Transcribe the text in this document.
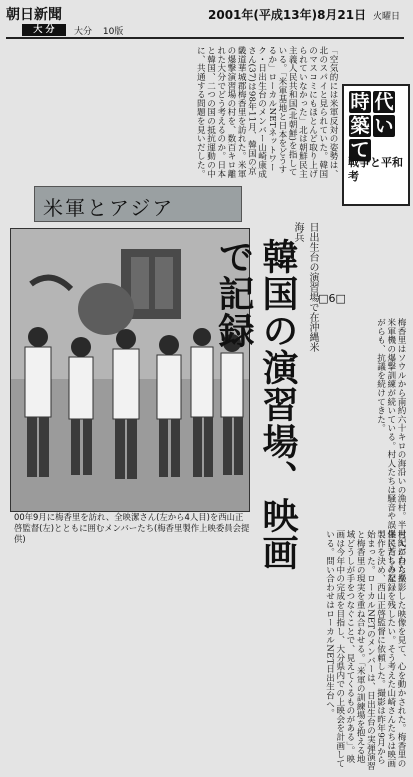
朝日新聞
大 分	大分 10版
2001年(平成13年)8月21日 火曜日
「空気的には米軍反対の姿勢は、北のスパイと見られていた。韓国のマスコミにもほとんど取り上げられていなかった」北は朝鮮民主主義人民共和国(北朝鮮)を指している。「米軍基地と日本をどうするか」ローカルNETネットワーク・日出生台のメンバー山崎康成さん(37)は98年11月、韓国の京畿道華城郡梅香里を訪れた。米軍の爆撃演習場の村を、数百キロ離れた大分でどう考えるのか。日本と韓国、二つの国の抵抗運動の中に、共通する問題を見いだした。	時 代築 いて
戦争と平和考
米軍とアジア
00年9月に梅香里を訪れ、全映潔さん(左から4人目)を西山正啓監督(左)とともに囲むメンバーたち(梅香里製作上映委員会提供)
日出生台の演習場で在沖縄米海兵
韓国の演習場、映画で記録	□6□
梅香里はソウルから南約六十キロの海沿いの漁村。半世紀にわたり米軍機の爆撃訓練が続いている。村人たちは騒音や誤爆に苦しみながらも、抗議を続けてきた。
村人が自ら撮影した映像を見て、心を動かされた。梅香里の住民たちの記録を残したい。そう考えた山崎さんたちは映画製作を決め、西山正啓監督に依頼した。撮影は昨年9月から始まった。ローカルNETのメンバーは、日出生台の実弾演習と梅香里の現実を重ね合わせる。「米軍の訓練場を抱える地域どうしが手をつなぐことで、見えてくるものがある」。映画は今年中の完成を目指し、大分県内での上映会を計画している。問い合わせはローカルNET日出生台へ。
